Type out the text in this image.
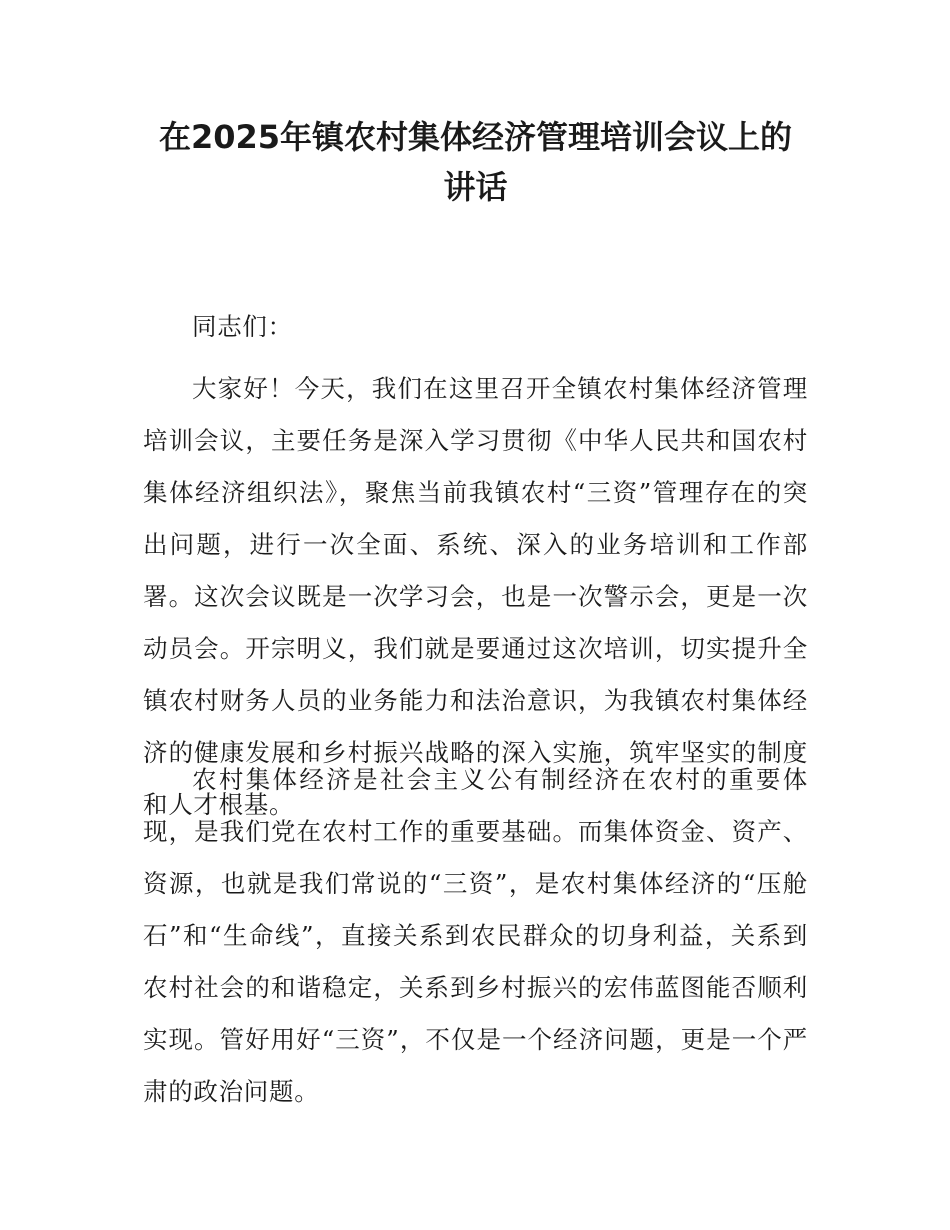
在2025年镇农村集体经济管理培训会议上的
讲话

同志们：

大家好！今天，我们在这里召开全镇农村集体经济管理培训会议，主要任务是深入学习贯彻《中华人民共和国农村集体经济组织法》，聚焦当前我镇农村“三资”管理存在的突出问题，进行一次全面、系统、深入的业务培训和工作部署。这次会议既是一次学习会，也是一次警示会，更是一次动员会。开宗明义，我们就是要通过这次培训，切实提升全镇农村财务人员的业务能力和法治意识，为我镇农村集体经济的健康发展和乡村振兴战略的深入实施，筑牢坚实的制度和人才根基。

农村集体经济是社会主义公有制经济在农村的重要体现，是我们党在农村工作的重要基础。而集体资金、资产、资源，也就是我们常说的“三资”，是农村集体经济的“压舱石”和“生命线”，直接关系到农民群众的切身利益，关系到农村社会的和谐稳定，关系到乡村振兴的宏伟蓝图能否顺利实现。管好用好“三资”，不仅是一个经济问题，更是一个严肃的政治问题。
